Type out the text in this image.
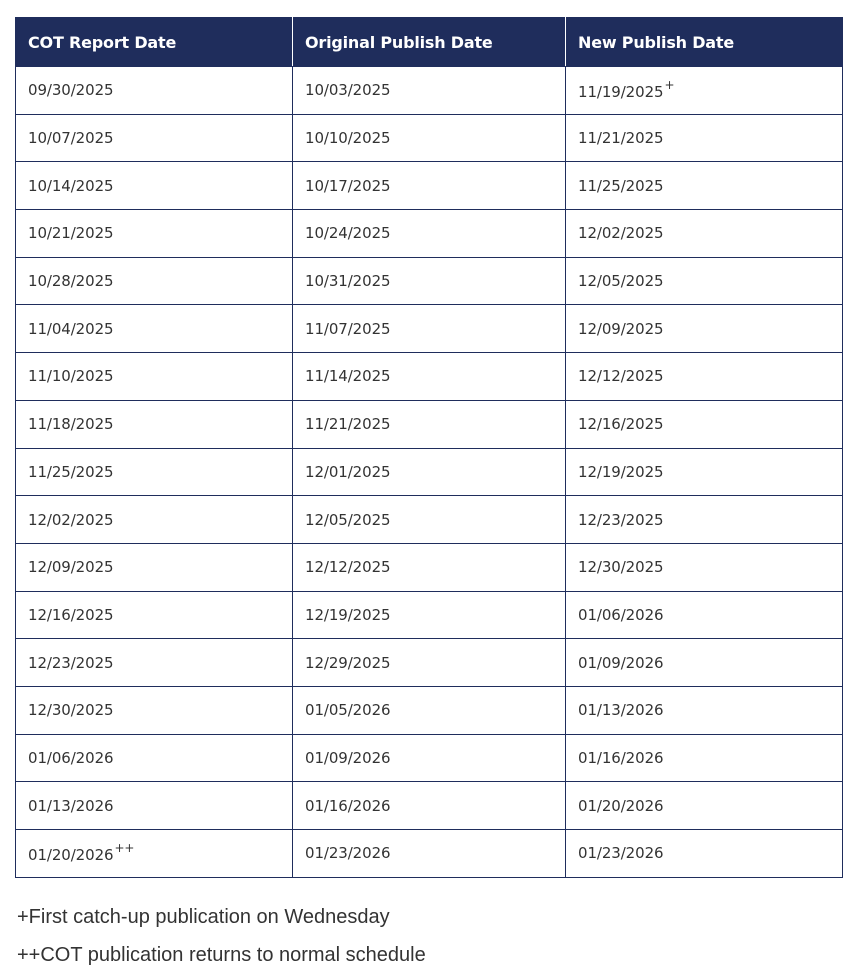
COT Report Date	Original Publish Date	New Publish Date
09/30/2025	10/03/2025	11/19/2025+
10/07/2025	10/10/2025	11/21/2025
10/14/2025	10/17/2025	11/25/2025
10/21/2025	10/24/2025	12/02/2025
10/28/2025	10/31/2025	12/05/2025
11/04/2025	11/07/2025	12/09/2025
11/10/2025	11/14/2025	12/12/2025
11/18/2025	11/21/2025	12/16/2025
11/25/2025	12/01/2025	12/19/2025
12/02/2025	12/05/2025	12/23/2025
12/09/2025	12/12/2025	12/30/2025
12/16/2025	12/19/2025	01/06/2026
12/23/2025	12/29/2025	01/09/2026
12/30/2025	01/05/2026	01/13/2026
01/06/2026	01/09/2026	01/16/2026
01/13/2026	01/16/2026	01/20/2026
01/20/2026++	01/23/2026	01/23/2026

+First catch-up publication on Wednesday

++COT publication returns to normal schedule
